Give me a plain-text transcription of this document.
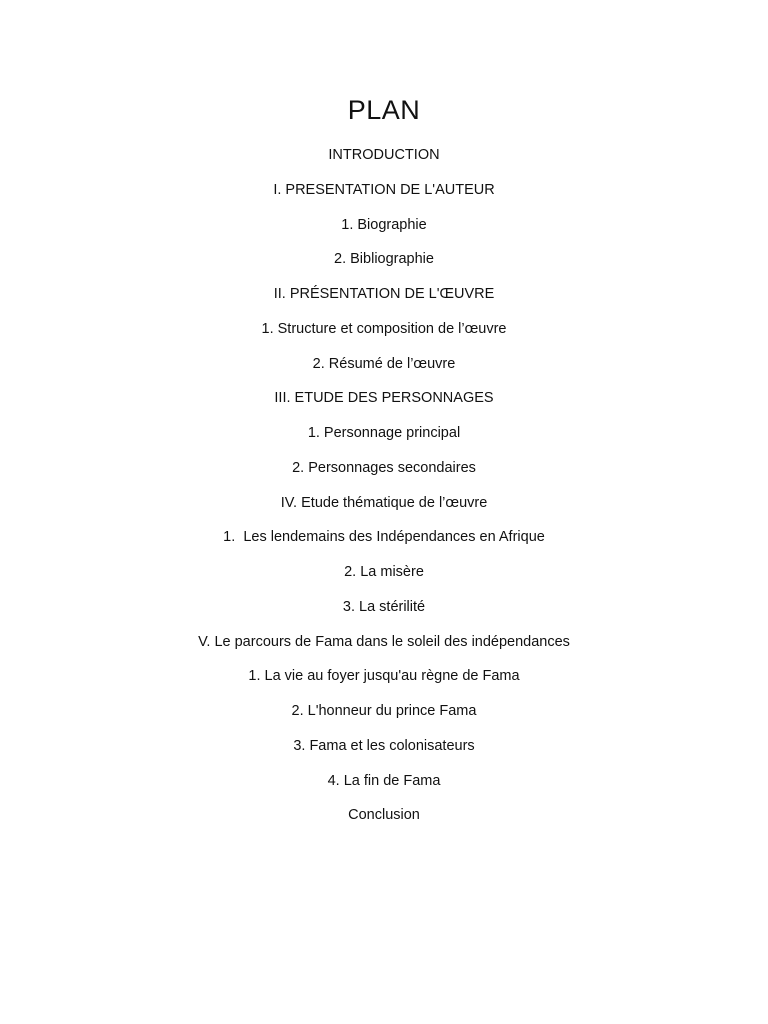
PLAN
INTRODUCTION
I. PRESENTATION DE L'AUTEUR
1. Biographie
2. Bibliographie
II. PRÉSENTATION DE L'ŒUVRE
1. Structure et composition de l’œuvre
2. Résumé de l’œuvre
III. ETUDE DES PERSONNAGES
1. Personnage principal
2. Personnages secondaires
IV. Etude thématique de l’œuvre
1.  Les lendemains des Indépendances en Afrique
2. La misère
3. La stérilité
V. Le parcours de Fama dans le soleil des indépendances
1. La vie au foyer jusqu'au règne de Fama
2. L'honneur du prince Fama
3. Fama et les colonisateurs
4. La fin de Fama
Conclusion
